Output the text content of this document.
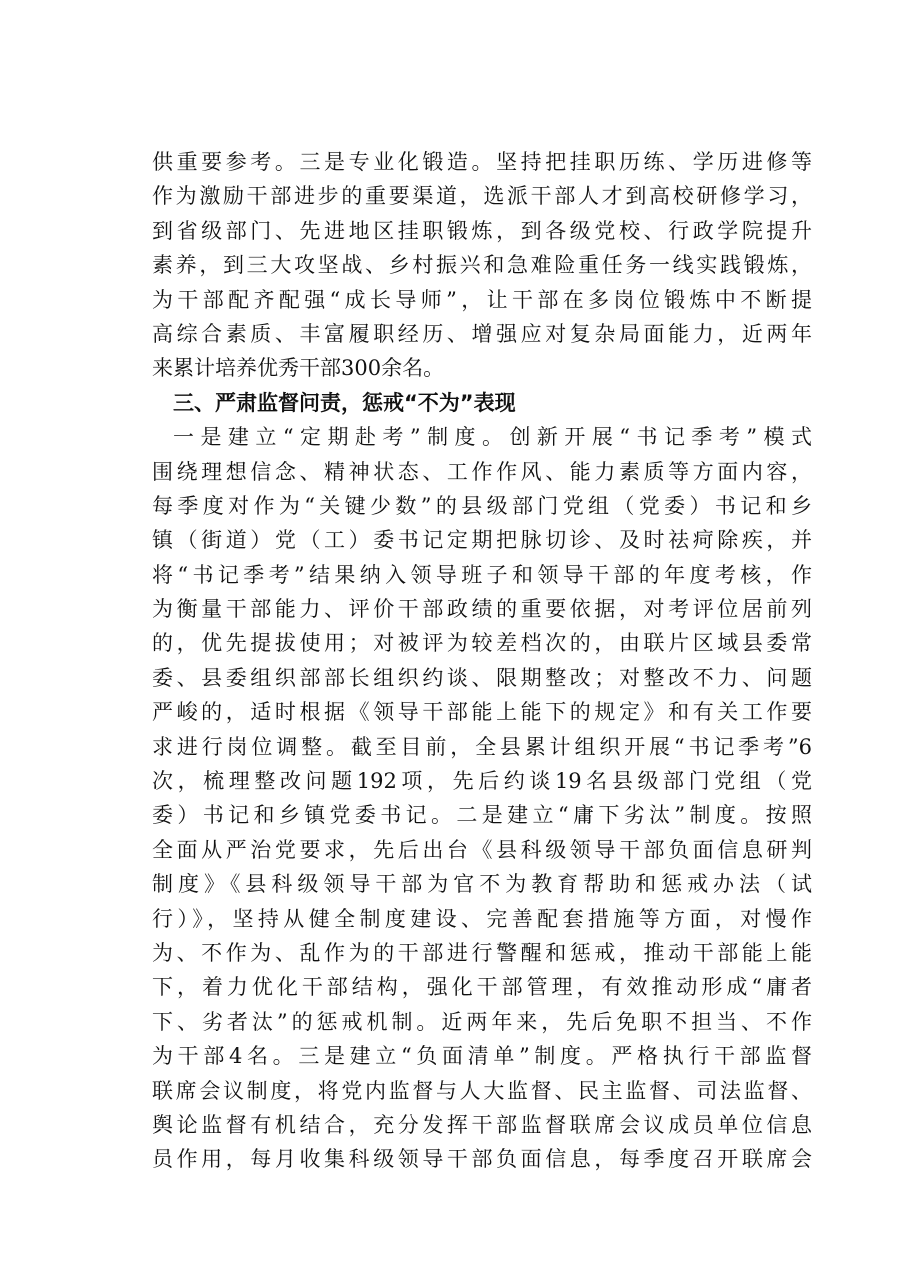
供重要参考。三是专业化锻造。坚持把挂职历练、学历进修等
作为激励干部进步的重要渠道，选派干部人才到高校研修学习，
到省级部门、先进地区挂职锻炼，到各级党校、行政学院提升
素养，到三大攻坚战、乡村振兴和急难险重任务一线实践锻炼，
为干部配齐配强“成长导师”，让干部在多岗位锻炼中不断提
高综合素质、丰富履职经历、增强应对复杂局面能力，近两年
来累计培养优秀干部300余名。
三、严肃监督问责，惩戒“不为”表现
一是建立“定期赴考”制度。创新开展“书记季考”模式
围绕理想信念、精神状态、工作作风、能力素质等方面内容，
每季度对作为“关键少数”的县级部门党组（党委）书记和乡
镇（街道）党（工）委书记定期把脉切诊、及时祛疴除疾，并
将“书记季考”结果纳入领导班子和领导干部的年度考核，作
为衡量干部能力、评价干部政绩的重要依据，对考评位居前列
的，优先提拔使用；对被评为较差档次的，由联片区域县委常
委、县委组织部部长组织约谈、限期整改；对整改不力、问题
严峻的，适时根据《领导干部能上能下的规定》和有关工作要
求进行岗位调整。截至目前，全县累计组织开展“书记季考”6
次，梳理整改问题192项，先后约谈19名县级部门党组（党
委）书记和乡镇党委书记。二是建立“庸下劣汰”制度。按照
全面从严治党要求，先后出台《县科级领导干部负面信息研判
制度》《县科级领导干部为官不为教育帮助和惩戒办法（试
行）》，坚持从健全制度建设、完善配套措施等方面，对慢作
为、不作为、乱作为的干部进行警醒和惩戒，推动干部能上能
下，着力优化干部结构，强化干部管理，有效推动形成“庸者
下、劣者汰”的惩戒机制。近两年来，先后免职不担当、不作
为干部4名。三是建立“负面清单”制度。严格执行干部监督
联席会议制度，将党内监督与人大监督、民主监督、司法监督、
舆论监督有机结合，充分发挥干部监督联席会议成员单位信息
员作用，每月收集科级领导干部负面信息，每季度召开联席会
